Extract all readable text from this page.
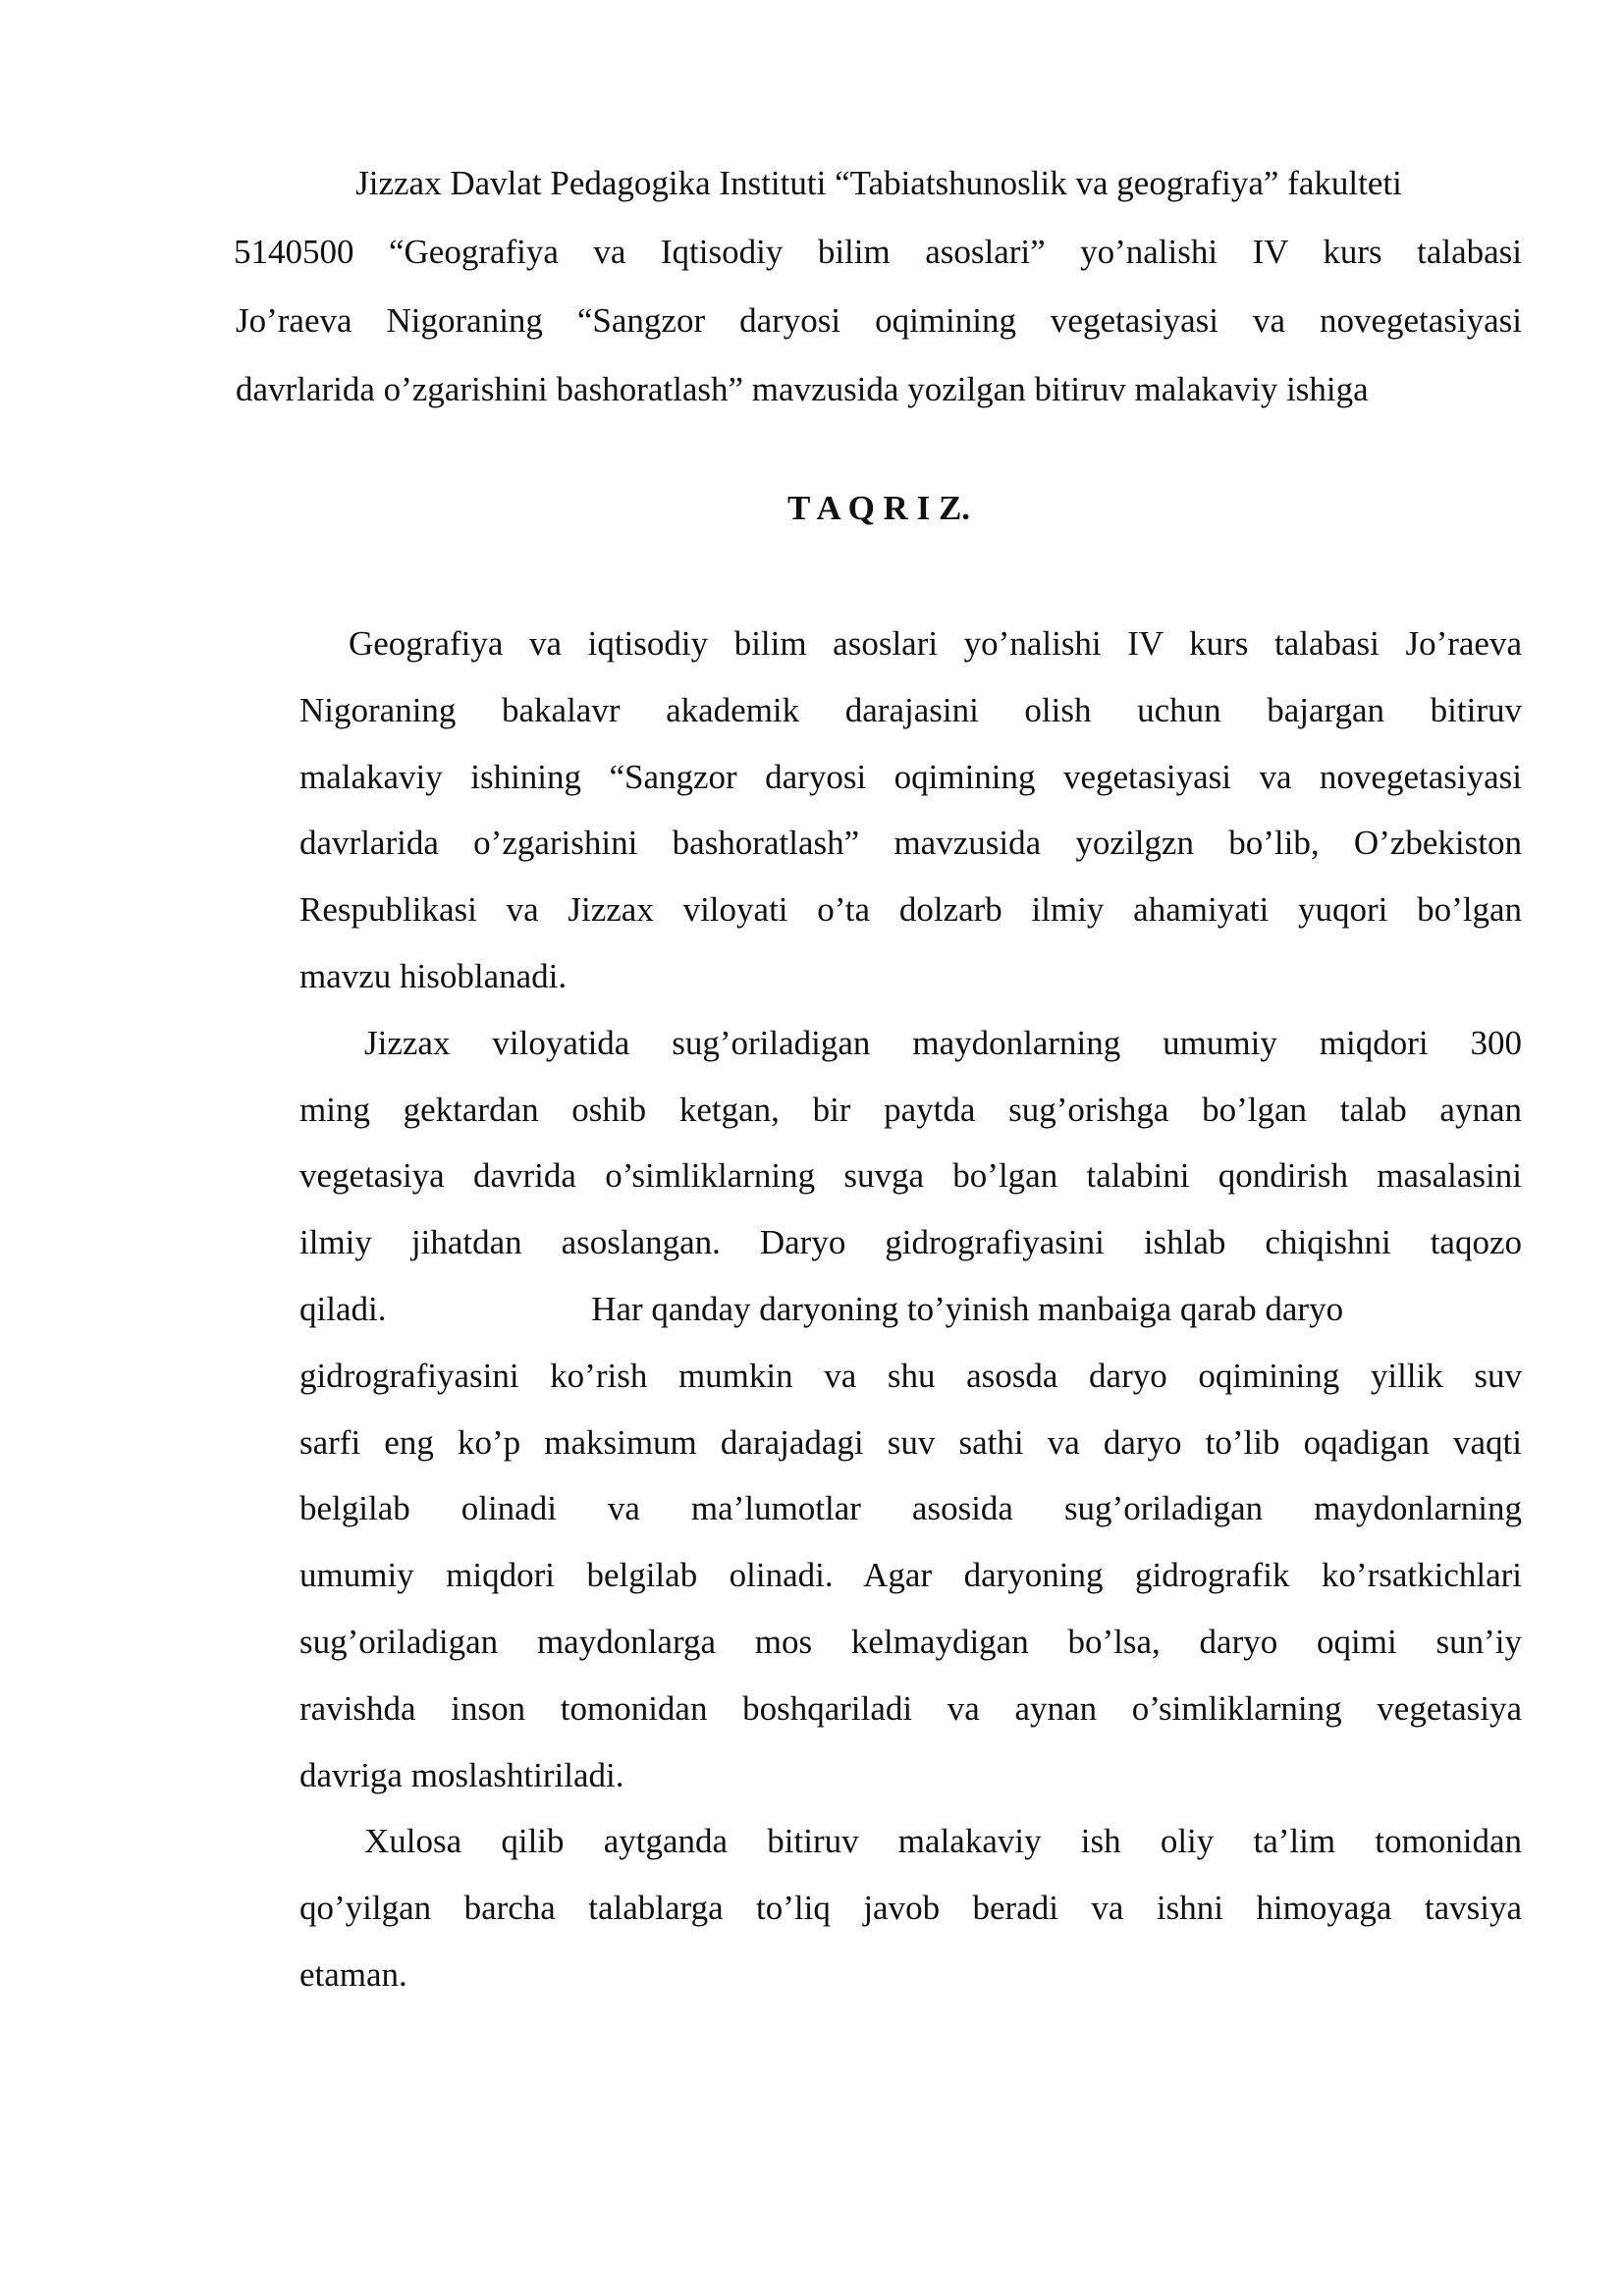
Jizzax Davlat Pedagogika Instituti “Tabiatshunoslik va geografiya” fakulteti
5140500 “Geografiya va Iqtisodiy bilim asoslari” yo’nalishi IV kurs talabasi
Jo’raeva Nigoraning “Sangzor daryosi oqimining vegetasiyasi va novegetasiyasi
davrlarida o’zgarishini bashoratlash” mavzusida yozilgan bitiruv malakaviy ishiga
T A Q R I Z.
Geografiya va iqtisodiy bilim asoslari yo’nalishi IV kurs talabasi Jo’raeva
Nigoraning bakalavr akademik darajasini olish uchun bajargan bitiruv
malakaviy ishining “Sangzor daryosi oqimining vegetasiyasi va novegetasiyasi
davrlarida o’zgarishini bashoratlash” mavzusida yozilgzn bo’lib, O’zbekiston
Respublikasi va Jizzax viloyati o’ta dolzarb ilmiy ahamiyati yuqori bo’lgan
mavzu hisoblanadi.
Jizzax viloyatida sug’oriladigan maydonlarning umumiy miqdori 300
ming gektardan oshib ketgan, bir paytda sug’orishga bo’lgan talab aynan
vegetasiya davrida o’simliklarning suvga bo’lgan talabini qondirish masalasini
ilmiy jihatdan asoslangan. Daryo gidrografiyasini ishlab chiqishni taqozo
qiladi.	Har qanday daryoning to’yinish manbaiga qarab daryo
gidrografiyasini ko’rish mumkin va shu asosda daryo oqimining yillik suv
sarfi eng ko’p maksimum darajadagi suv sathi va daryo to’lib oqadigan vaqti
belgilab olinadi va ma’lumotlar asosida sug’oriladigan maydonlarning
umumiy miqdori belgilab olinadi. Agar daryoning gidrografik ko’rsatkichlari
sug’oriladigan maydonlarga mos kelmaydigan bo’lsa, daryo oqimi sun’iy
ravishda inson tomonidan boshqariladi va aynan o’simliklarning vegetasiya
davriga moslashtiriladi.
Xulosa qilib aytganda bitiruv malakaviy ish oliy ta’lim tomonidan
qo’yilgan barcha talablarga to’liq javob beradi va ishni himoyaga tavsiya
etaman.
